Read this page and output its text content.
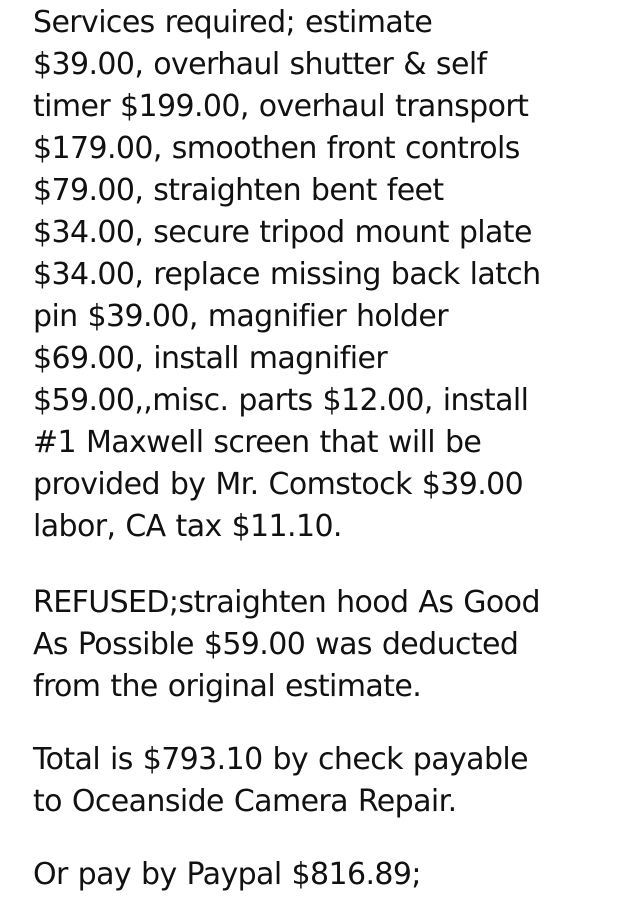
Services required; estimate
$39.00, overhaul shutter & self
timer $199.00, overhaul transport
$179.00, smoothen front controls
$79.00, straighten bent feet
$34.00, secure tripod mount plate
$34.00, replace missing back latch
pin $39.00, magnifier holder
$69.00, install magnifier
$59.00,,misc. parts $12.00, install
#1 Maxwell screen that will be
provided by Mr. Comstock $39.00
labor, CA tax $11.10.
REFUSED;straighten hood As Good
As Possible $59.00 was deducted
from the original estimate.
Total is $793.10 by check payable
to Oceanside Camera Repair.
Or pay by Paypal $816.89;
